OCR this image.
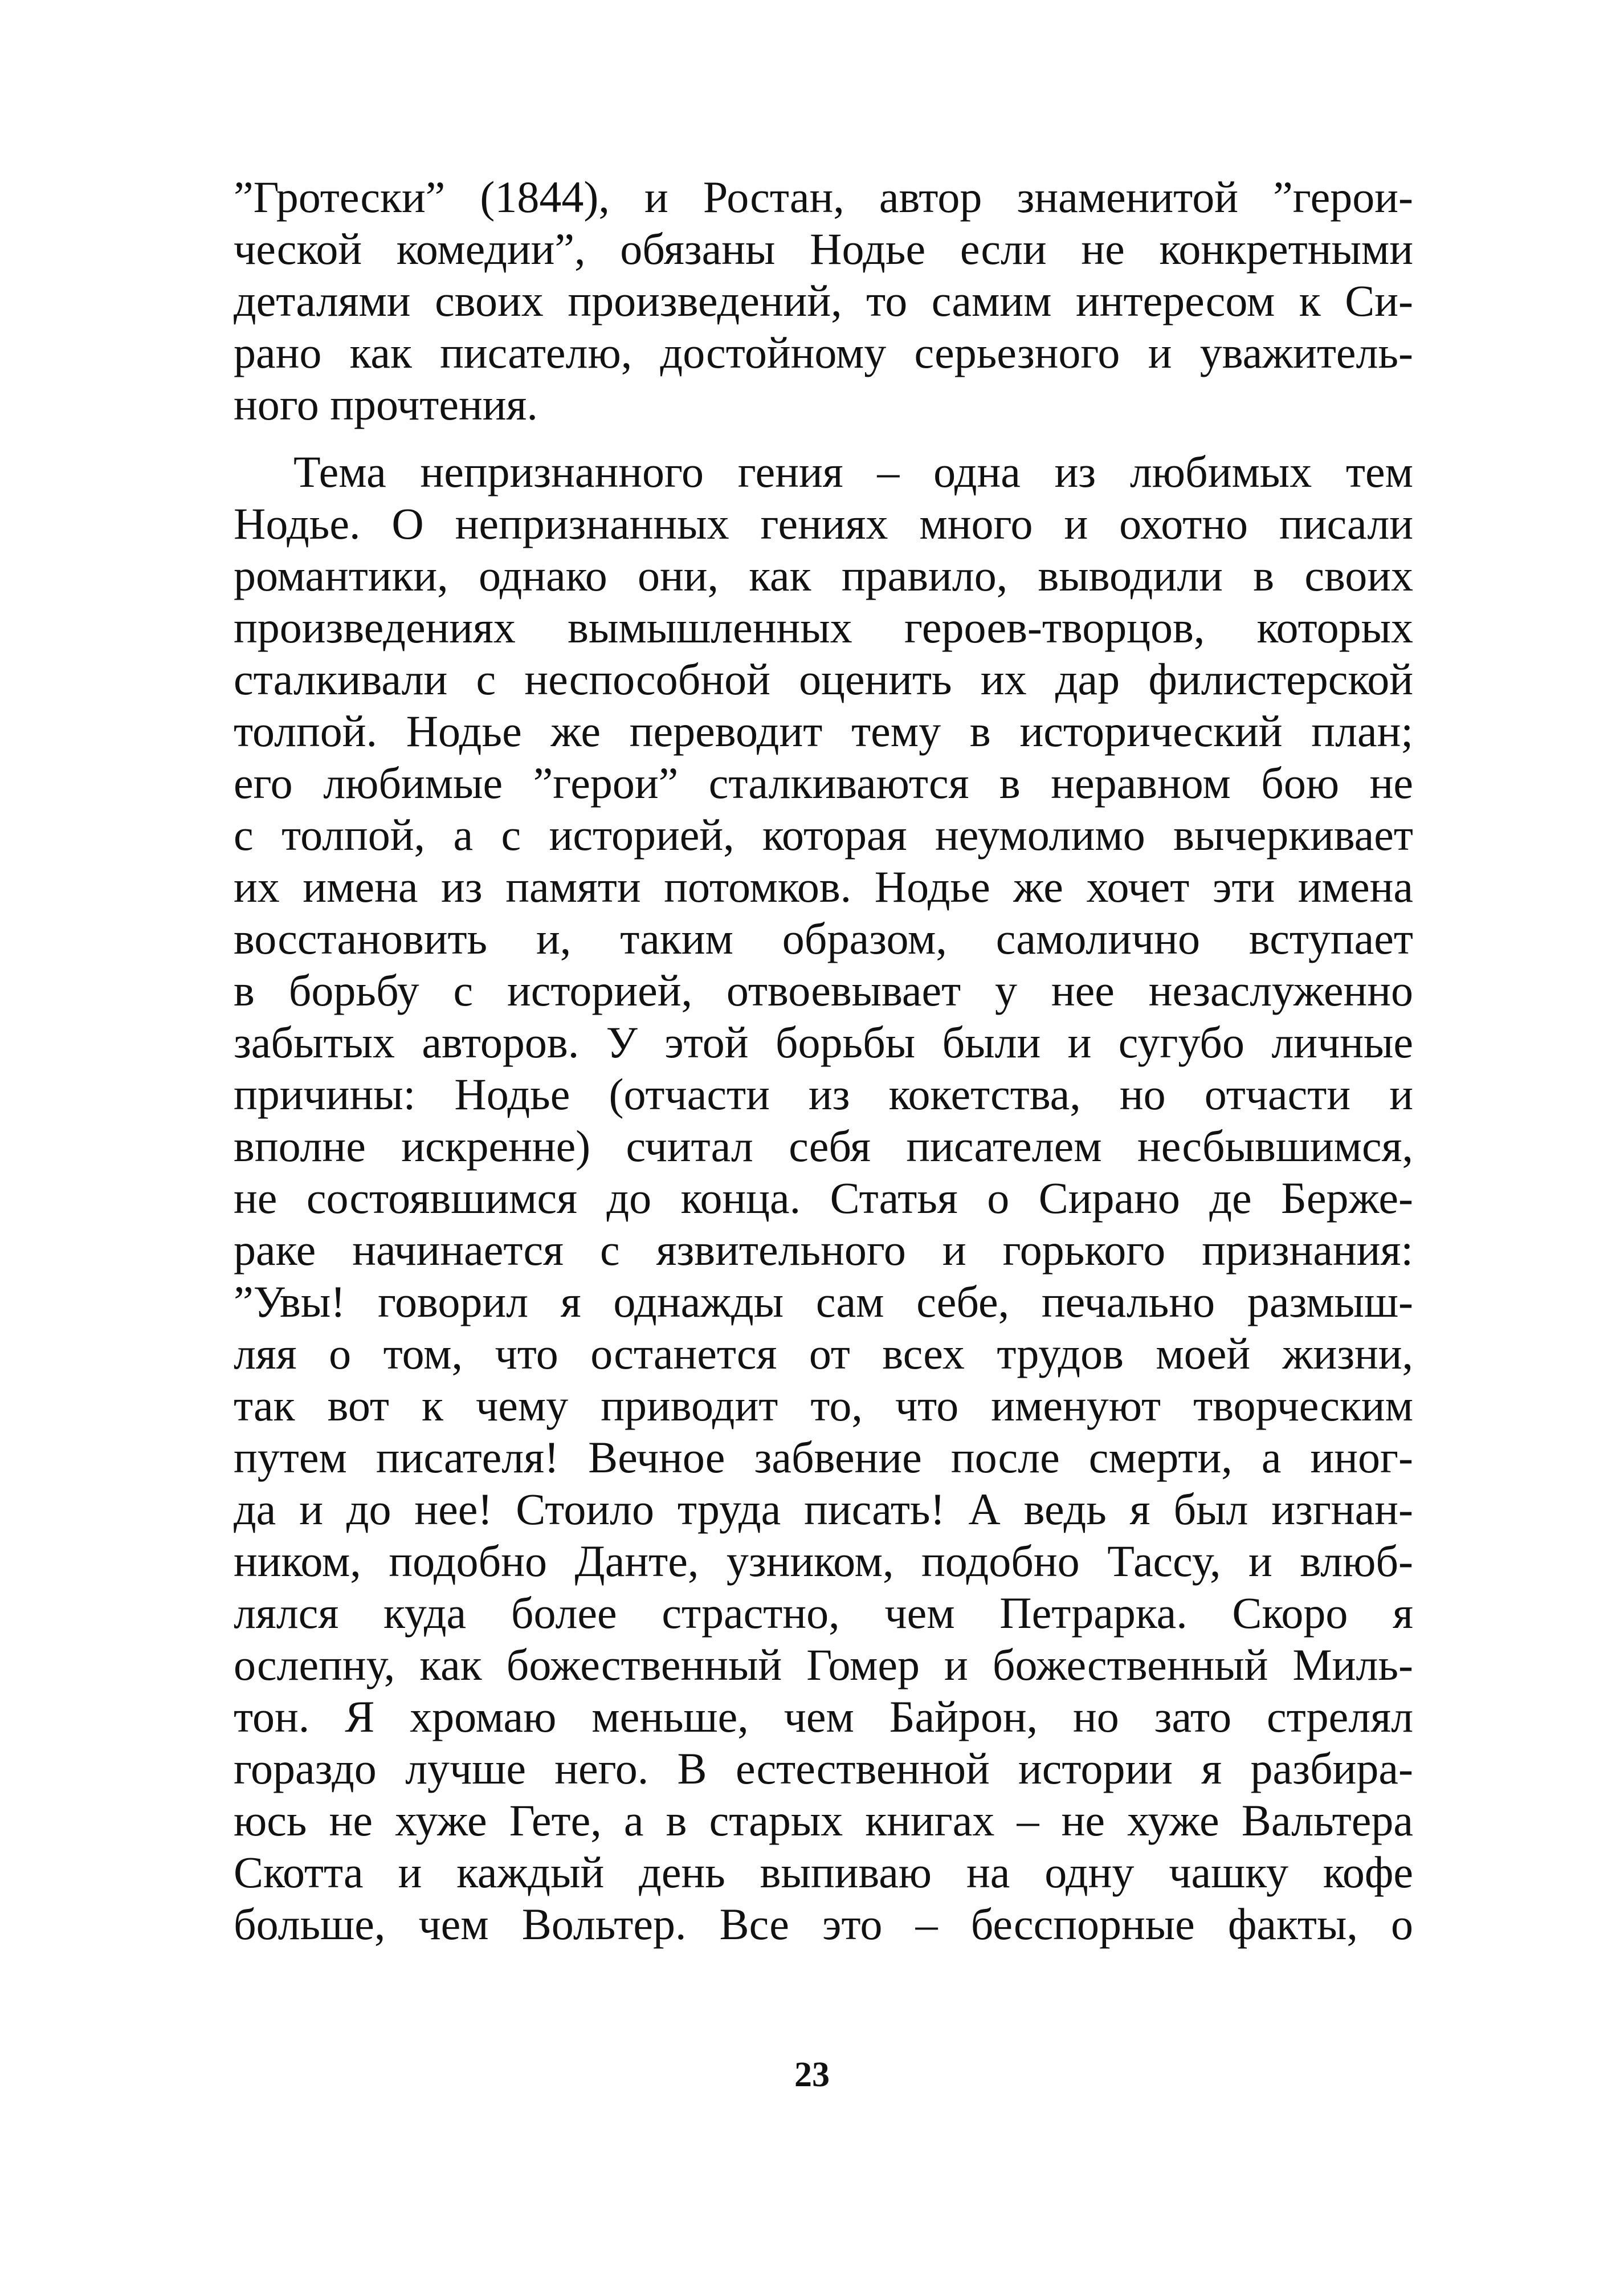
”Гротески” (1844), и Ростан, автор знаменитой ”герои-
ческой комедии”, обязаны Нодье если не конкретными
деталями своих произведений, то самим интересом к Си-
рано как писателю, достойному серьезного и уважитель-
ного прочтения.
Тема непризнанного гения – одна из любимых тем
Нодье. О непризнанных гениях много и охотно писали
романтики, однако они, как правило, выводили в своих
произведениях вымышленных героев-творцов, которых
сталкивали с неспособной оценить их дар филистерской
толпой. Нодье же переводит тему в исторический план;
его любимые ”герои” сталкиваются в неравном бою не
с толпой, а с историей, которая неумолимо вычеркивает
их имена из памяти потомков. Нодье же хочет эти имена
восстановить и, таким образом, самолично вступает
в борьбу с историей, отвоевывает у нее незаслуженно
забытых авторов. У этой борьбы были и сугубо личные
причины: Нодье (отчасти из кокетства, но отчасти и
вполне искренне) считал себя писателем несбывшимся,
не состоявшимся до конца. Статья о Сирано де Берже-
раке начинается с язвительного и горького признания:
”Увы! говорил я однажды сам себе, печально размыш-
ляя о том, что останется от всех трудов моей жизни,
так вот к чему приводит то, что именуют творческим
путем писателя! Вечное забвение после смерти, а иног-
да и до нее! Стоило труда писать! А ведь я был изгнан-
ником, подобно Данте, узником, подобно Тассу, и влюб-
лялся куда более страстно, чем Петрарка. Скоро я
ослепну, как божественный Гомер и божественный Миль-
тон. Я хромаю меньше, чем Байрон, но зато стрелял
гораздо лучше него. В естественной истории я разбира-
юсь не хуже Гете, а в старых книгах – не хуже Вальтера
Скотта и каждый день выпиваю на одну чашку кофе
больше, чем Вольтер. Все это – бесспорные факты, о
23
